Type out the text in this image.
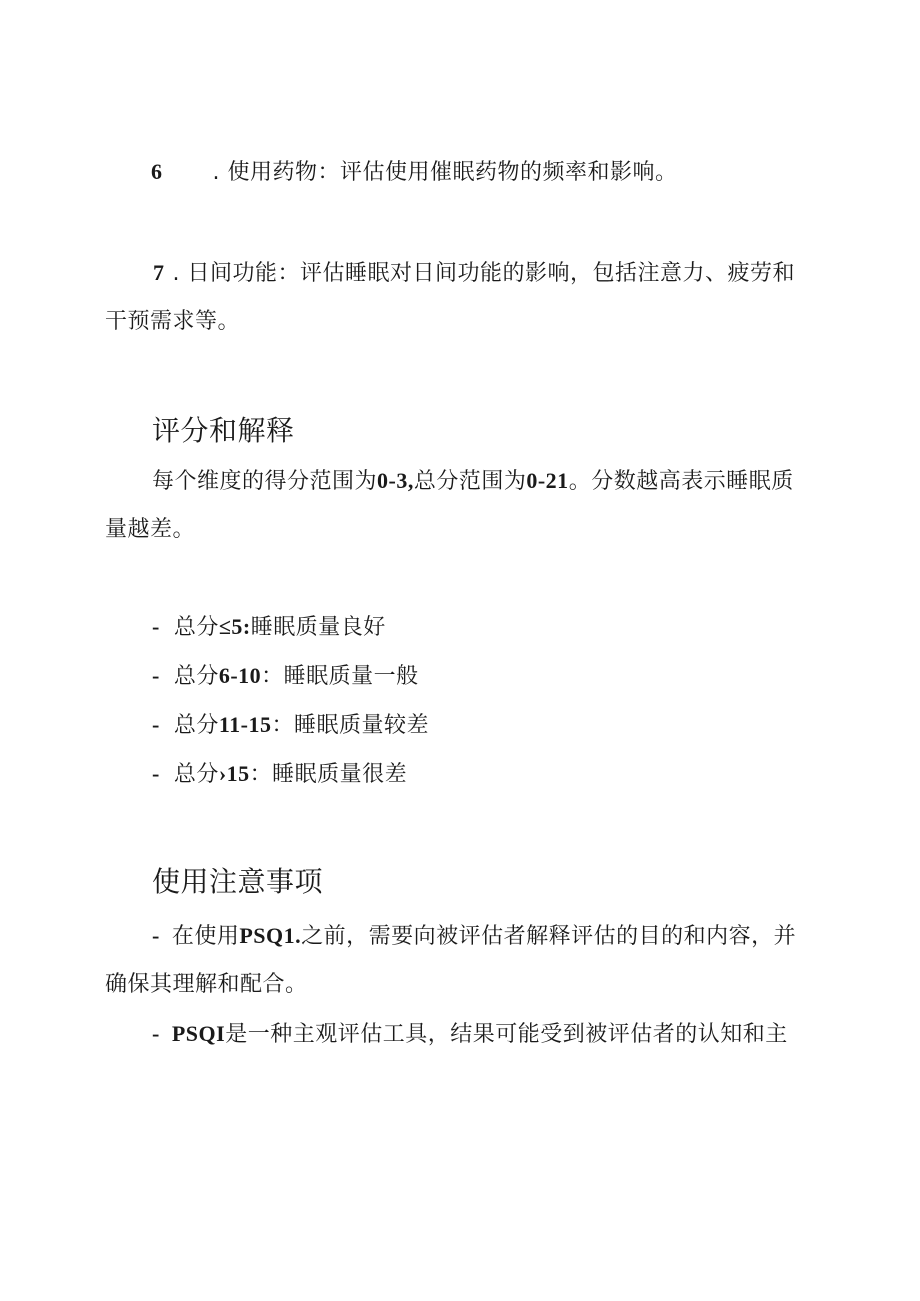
6 . 使用药物：评估使用催眠药物的频率和影响。
7 . 日间功能：评估睡眠对日间功能的影响，包括注意力、疲劳和
干预需求等。
评分和解释
每个维度的得分范围为0-3,总分范围为0-21。分数越高表示睡眠质
量越差。
- 总分≤5:睡眠质量良好
- 总分6-10：睡眠质量一般
- 总分11-15：睡眠质量较差
- 总分›15：睡眠质量很差
使用注意事项
- 在使用PSQ1.之前，需要向被评估者解释评估的目的和内容，并
确保其理解和配合。
- PSQI是一种主观评估工具，结果可能受到被评估者的认知和主
